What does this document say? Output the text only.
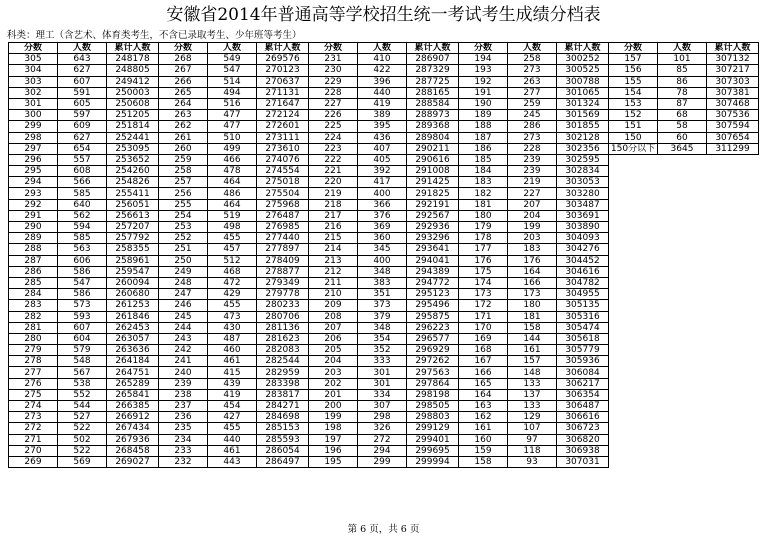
安徽省2014年普通高等学校招生统一考试考生成绩分档表
科类：理工（含艺术、体育类考生，不含已录取考生、少年班等考生）
分数	人数	累计人数	分数	人数	累计人数	分数	人数	累计人数	分数	人数	累计人数	分数	人数	累计人数
305	643	248178	268	549	269576	231	410	286907	194	258	300252	157	101	307132
304	627	248805	267	547	270123	230	422	287329	193	273	300525	156	85	307217
303	607	249412	266	514	270637	229	396	287725	192	263	300788	155	86	307303
302	591	250003	265	494	271131	228	440	288165	191	277	301065	154	78	307381
301	605	250608	264	516	271647	227	419	288584	190	259	301324	153	87	307468
300	597	251205	263	477	272124	226	389	288973	189	245	301569	152	68	307536
299	609	251814	262	477	272601	225	395	289368	188	286	301855	151	58	307594
298	627	252441	261	510	273111	224	436	289804	187	273	302128	150	60	307654
297	654	253095	260	499	273610	223	407	290211	186	228	302356	150分以下	3645	311299
296	557	253652	259	466	274076	222	405	290616	185	239	302595			
295	608	254260	258	478	274554	221	392	291008	184	239	302834			
294	566	254826	257	464	275018	220	417	291425	183	219	303053			
293	585	255411	256	486	275504	219	400	291825	182	227	303280			
292	640	256051	255	464	275968	218	366	292191	181	207	303487			
291	562	256613	254	519	276487	217	376	292567	180	204	303691			
290	594	257207	253	498	276985	216	369	292936	179	199	303890			
289	585	257792	252	455	277440	215	360	293296	178	203	304093			
288	563	258355	251	457	277897	214	345	293641	177	183	304276			
287	606	258961	250	512	278409	213	400	294041	176	176	304452			
286	586	259547	249	468	278877	212	348	294389	175	164	304616			
285	547	260094	248	472	279349	211	383	294772	174	166	304782			
284	586	260680	247	429	279778	210	351	295123	173	173	304955			
283	573	261253	246	455	280233	209	373	295496	172	180	305135			
282	593	261846	245	473	280706	208	379	295875	171	181	305316			
281	607	262453	244	430	281136	207	348	296223	170	158	305474			
280	604	263057	243	487	281623	206	354	296577	169	144	305618			
279	579	263636	242	460	282083	205	352	296929	168	161	305779			
278	548	264184	241	461	282544	204	333	297262	167	157	305936			
277	567	264751	240	415	282959	203	301	297563	166	148	306084			
276	538	265289	239	439	283398	202	301	297864	165	133	306217			
275	552	265841	238	419	283817	201	334	298198	164	137	306354			
274	544	266385	237	454	284271	200	307	298505	163	133	306487			
273	527	266912	236	427	284698	199	298	298803	162	129	306616			
272	522	267434	235	455	285153	198	326	299129	161	107	306723			
271	502	267936	234	440	285593	197	272	299401	160	97	306820			
270	522	268458	233	461	286054	196	294	299695	159	118	306938			
269	569	269027	232	443	286497	195	299	299994	158	93	307031			
第 6 页，共 6 页
